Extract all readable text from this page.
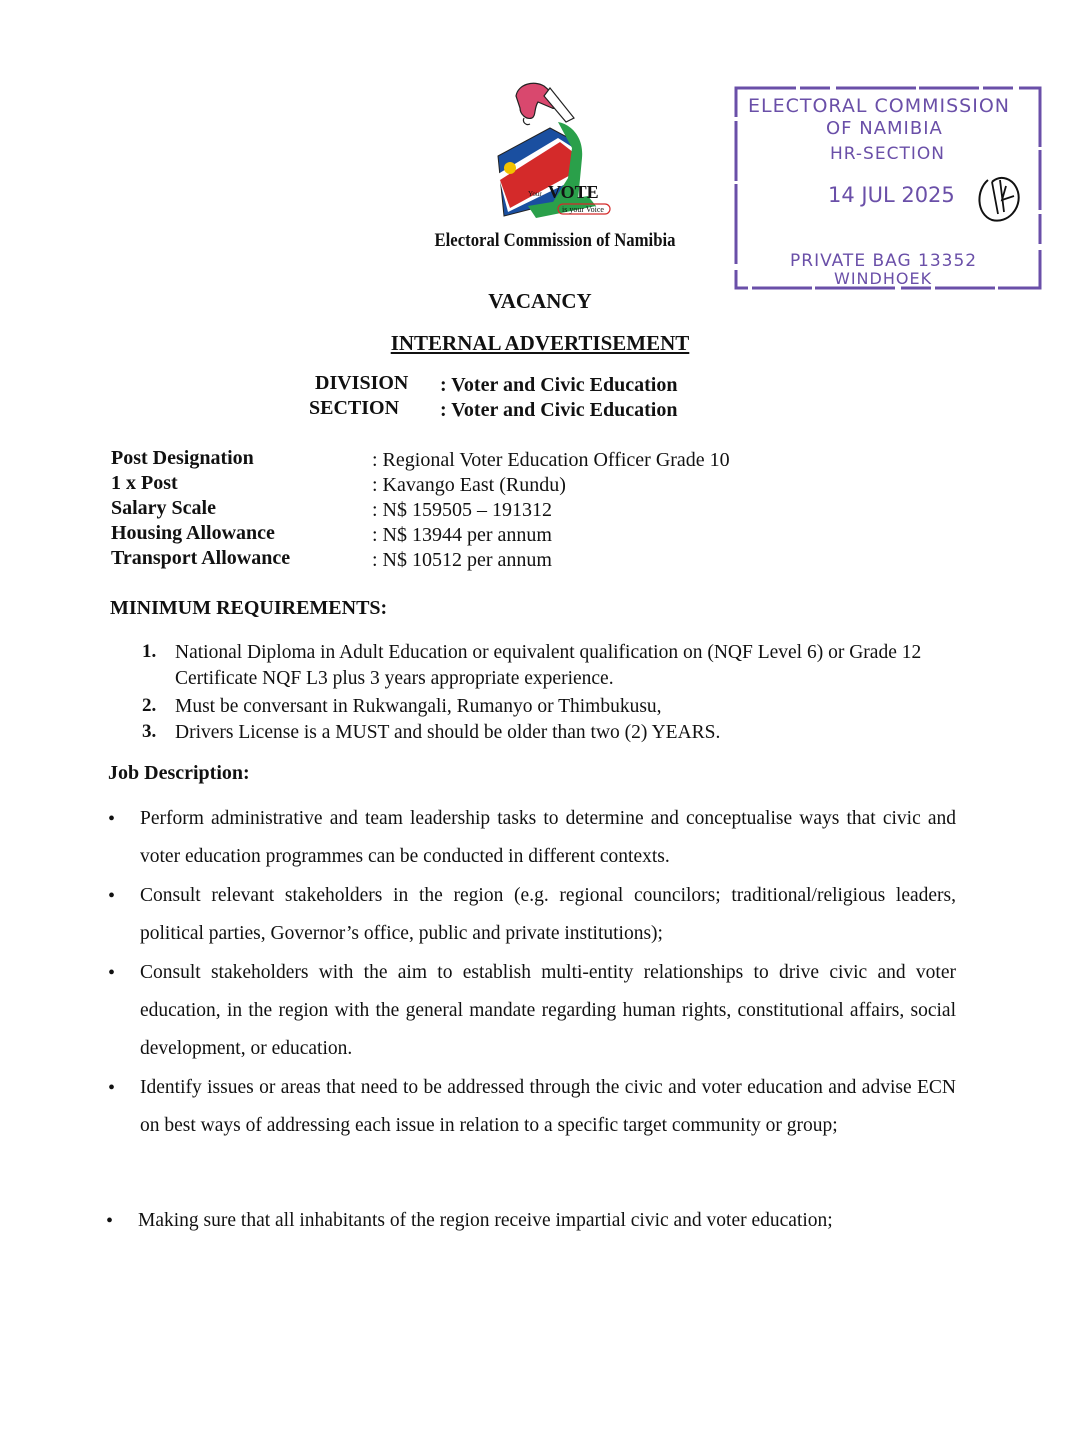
VOTE
Your
is your Voice
Electoral Commission of Namibia
ELECTORAL COMMISSION
OF NAMIBIA
HR-SECTION
14 JUL 2025
PRIVATE BAG 13352
WINDHOEK
VACANCY
INTERNAL ADVERTISEMENT
DIVISION : Voter and Civic Education
SECTION : Voter and Civic Education
Post Designation	: Regional Voter Education Officer Grade 10
1 x Post	: Kavango East (Rundu)
Salary Scale	: N$ 159505 – 191312
Housing Allowance	: N$ 13944 per annum
Transport Allowance	: N$ 10512 per annum
MINIMUM REQUIREMENTS:
1. National Diploma in Adult Education or equivalent qualification on (NQF Level 6) or Grade 12 Certificate NQF L3 plus 3 years appropriate experience.
2. Must be conversant in Rukwangali, Rumanyo or Thimbukusu,
3. Drivers License is a MUST and should be older than two (2) YEARS.
Job Description:
• Perform administrative and team leadership tasks to determine and conceptualise ways that civic and voter education programmes can be conducted in different contexts.
• Consult relevant stakeholders in the region (e.g. regional councilors; traditional/religious leaders, political parties, Governor’s office, public and private institutions);
• Consult stakeholders with the aim to establish multi-entity relationships to drive civic and voter education, in the region with the general mandate regarding human rights, constitutional affairs, social development, or education.
• Identify issues or areas that need to be addressed through the civic and voter education and advise ECN on best ways of addressing each issue in relation to a specific target community or group;
• Making sure that all inhabitants of the region receive impartial civic and voter education;
